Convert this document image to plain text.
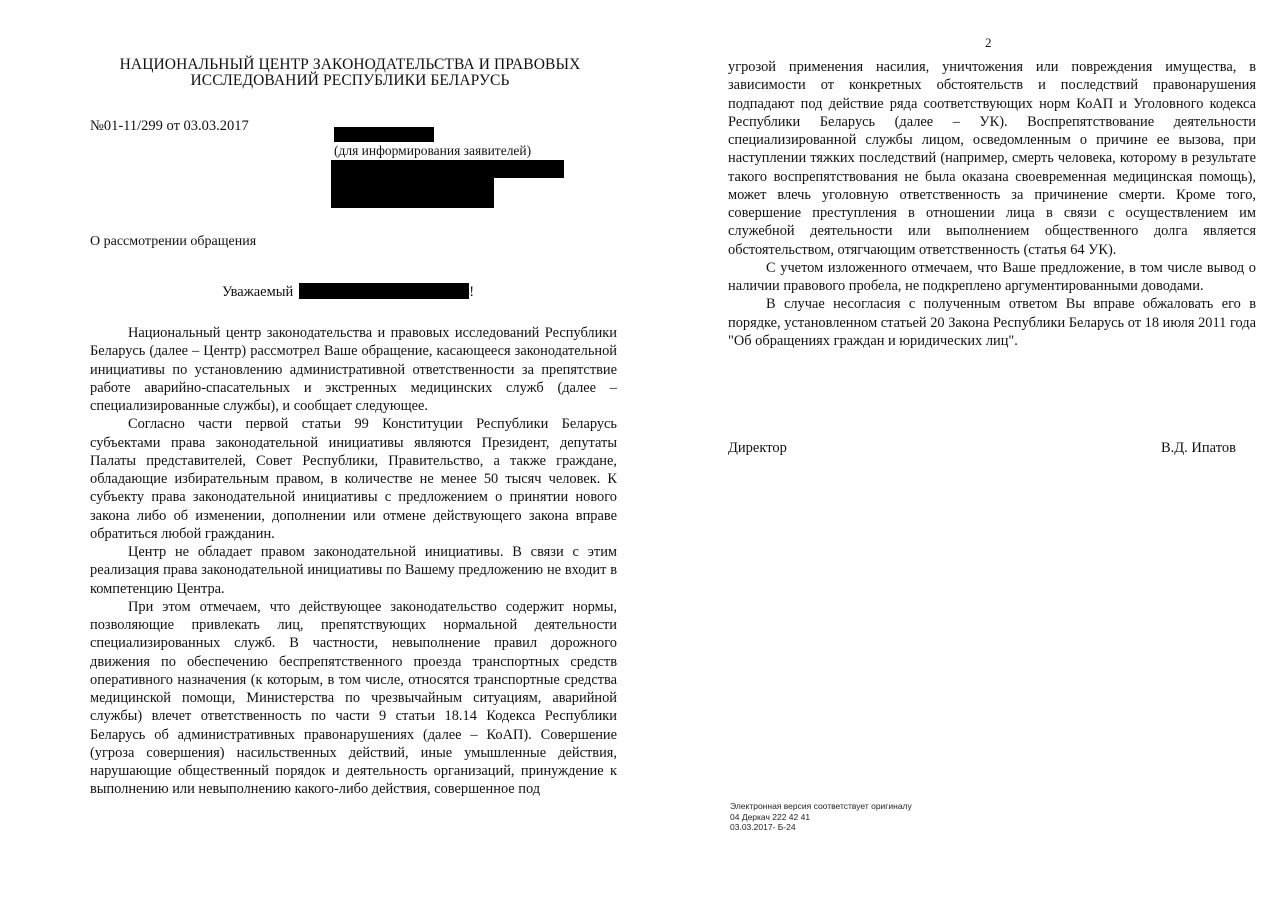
НАЦИОНАЛЬНЫЙ ЦЕНТР ЗАКОНОДАТЕЛЬСТВА И ПРАВОВЫХ ИССЛЕДОВАНИЙ РЕСПУБЛИКИ БЕЛАРУСЬ
№01-11/299 от 03.03.2017
(для информирования заявителей)
О рассмотрении обращения
Уважаемый	!

Национальный центр законодательства и правовых исследований Республики Беларусь (далее – Центр) рассмотрел Ваше обращение, касающееся законодательной инициативы по установлению административной ответственности за препятствие работе аварийно-спасательных и экстренных медицинских служб (далее – специализированные службы), и сообщает следующее.

Согласно части первой статьи 99 Конституции Республики Беларусь субъектами права законодательной инициативы являются Президент, депутаты Палаты представителей, Совет Республики, Правительство, а также граждане, обладающие избирательным правом, в количестве не менее 50 тысяч человек. К субъекту права законодательной инициативы с предложением о принятии нового закона либо об изменении, дополнении или отмене действующего закона вправе обратиться любой гражданин.

Центр не обладает правом законодательной инициативы. В связи с этим реализация права законодательной инициативы по Вашему предложению не входит в компетенцию Центра.

При этом отмечаем, что действующее законодательство содержит нормы, позволяющие привлекать лиц, препятствующих нормальной деятельности специализированных служб. В частности, невыполнение правил дорожного движения по обеспечению беспрепятственного проезда транспортных средств оперативного назначения (к которым, в том числе, относятся транспортные средства медицинской помощи, Министерства по чрезвычайным ситуациям, аварийной службы) влечет ответственность по части 9 статьи 18.14 Кодекса Республики Беларусь об административных правонарушениях (далее – КоАП). Совершение (угроза совершения) насильственных действий, иные умышленные действия, нарушающие общественный порядок и деятельность организаций, принуждение к выполнению или невыполнению какого-либо действия, совершенное под

2

угрозой применения насилия, уничтожения или повреждения имущества, в зависимости от конкретных обстоятельств и последствий правонарушения подпадают под действие ряда соответствующих норм КоАП и Уголовного кодекса Республики Беларусь (далее – УК). Воспрепятствование деятельности специализированной службы лицом, осведомленным о причине ее вызова, при наступлении тяжких последствий (например, смерть человека, которому в результате такого воспрепятствования не была оказана своевременная медицинская помощь), может влечь уголовную ответственность за причинение смерти. Кроме того, совершение преступления в отношении лица в связи с осуществлением им служебной деятельности или выполнением общественного долга является обстоятельством, отягчающим ответственность (статья 64 УК).

С учетом изложенного отмечаем, что Ваше предложение, в том числе вывод о наличии правового пробела, не подкреплено аргументированными доводами.

В случае несогласия с полученным ответом Вы вправе обжаловать его в порядке, установленном статьей 20 Закона Республики Беларусь от 18 июля 2011 года "Об обращениях граждан и юридических лиц".

Директор	В.Д. Ипатов
Электронная версия соответствует оригиналу
04 Деркач 222 42 41
03.03.2017- Б-24
